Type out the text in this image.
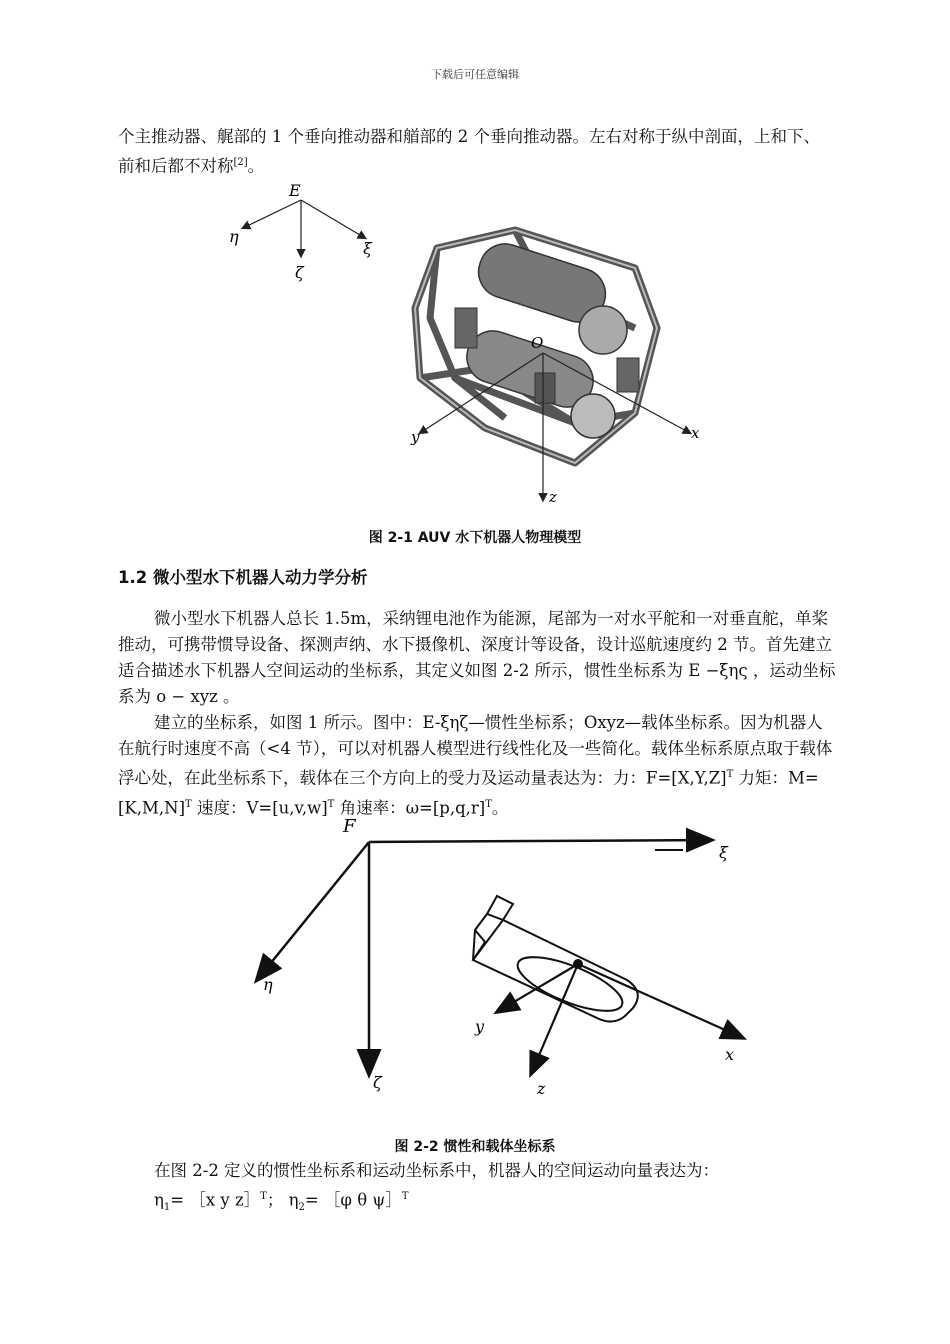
下载后可任意编辑
个主推动器、艉部的 1 个垂向推动器和艏部的 2 个垂向推动器。左右对称于纵中剖面，上和下、前和后都不对称[2]。
E
η
ζ
ξ
O
y	x
z
图 2-1 AUV 水下机器人物理模型
1.2 微小型水下机器人动力学分析
微小型水下机器人总长 1.5m，采纳锂电池作为能源，尾部为一对水平舵和一对垂直舵，单桨推动，可携带惯导设备、探测声纳、水下摄像机、深度计等设备，设计巡航速度约 2 节。首先建立适合描述水下机器人空间运动的坐标系，其定义如图 2-2 所示，惯性坐标系为 E −ξης ，运动坐标系为 o − xyz 。
建立的坐标系，如图 1 所示。图中：E-ξηζ—惯性坐标系；Oxyz—载体坐标系。因为机器人在航行时速度不高（<4 节），可以对机器人模型进行线性化及一些简化。载体坐标系原点取于载体浮心处，在此坐标系下，载体在三个方向上的受力及运动量表达为：力：$F=[X,Y,Z]^T$ 力矩：$M=[K,M,N]^T$ 速度：$V=[u,v,w]^T$ 角速率：$\omega=[p,q,r]^T$。
F
ξ
η
ζ
x
y
z
图 2-2 惯性和载体坐标系
在图 2-2 定义的惯性坐标系和运动坐标系中，机器人的空间运动向量表达为：
$\eta_1=$ ［x y z］$^T$； $\eta_2=$ ［φ θ ψ］$^T$
